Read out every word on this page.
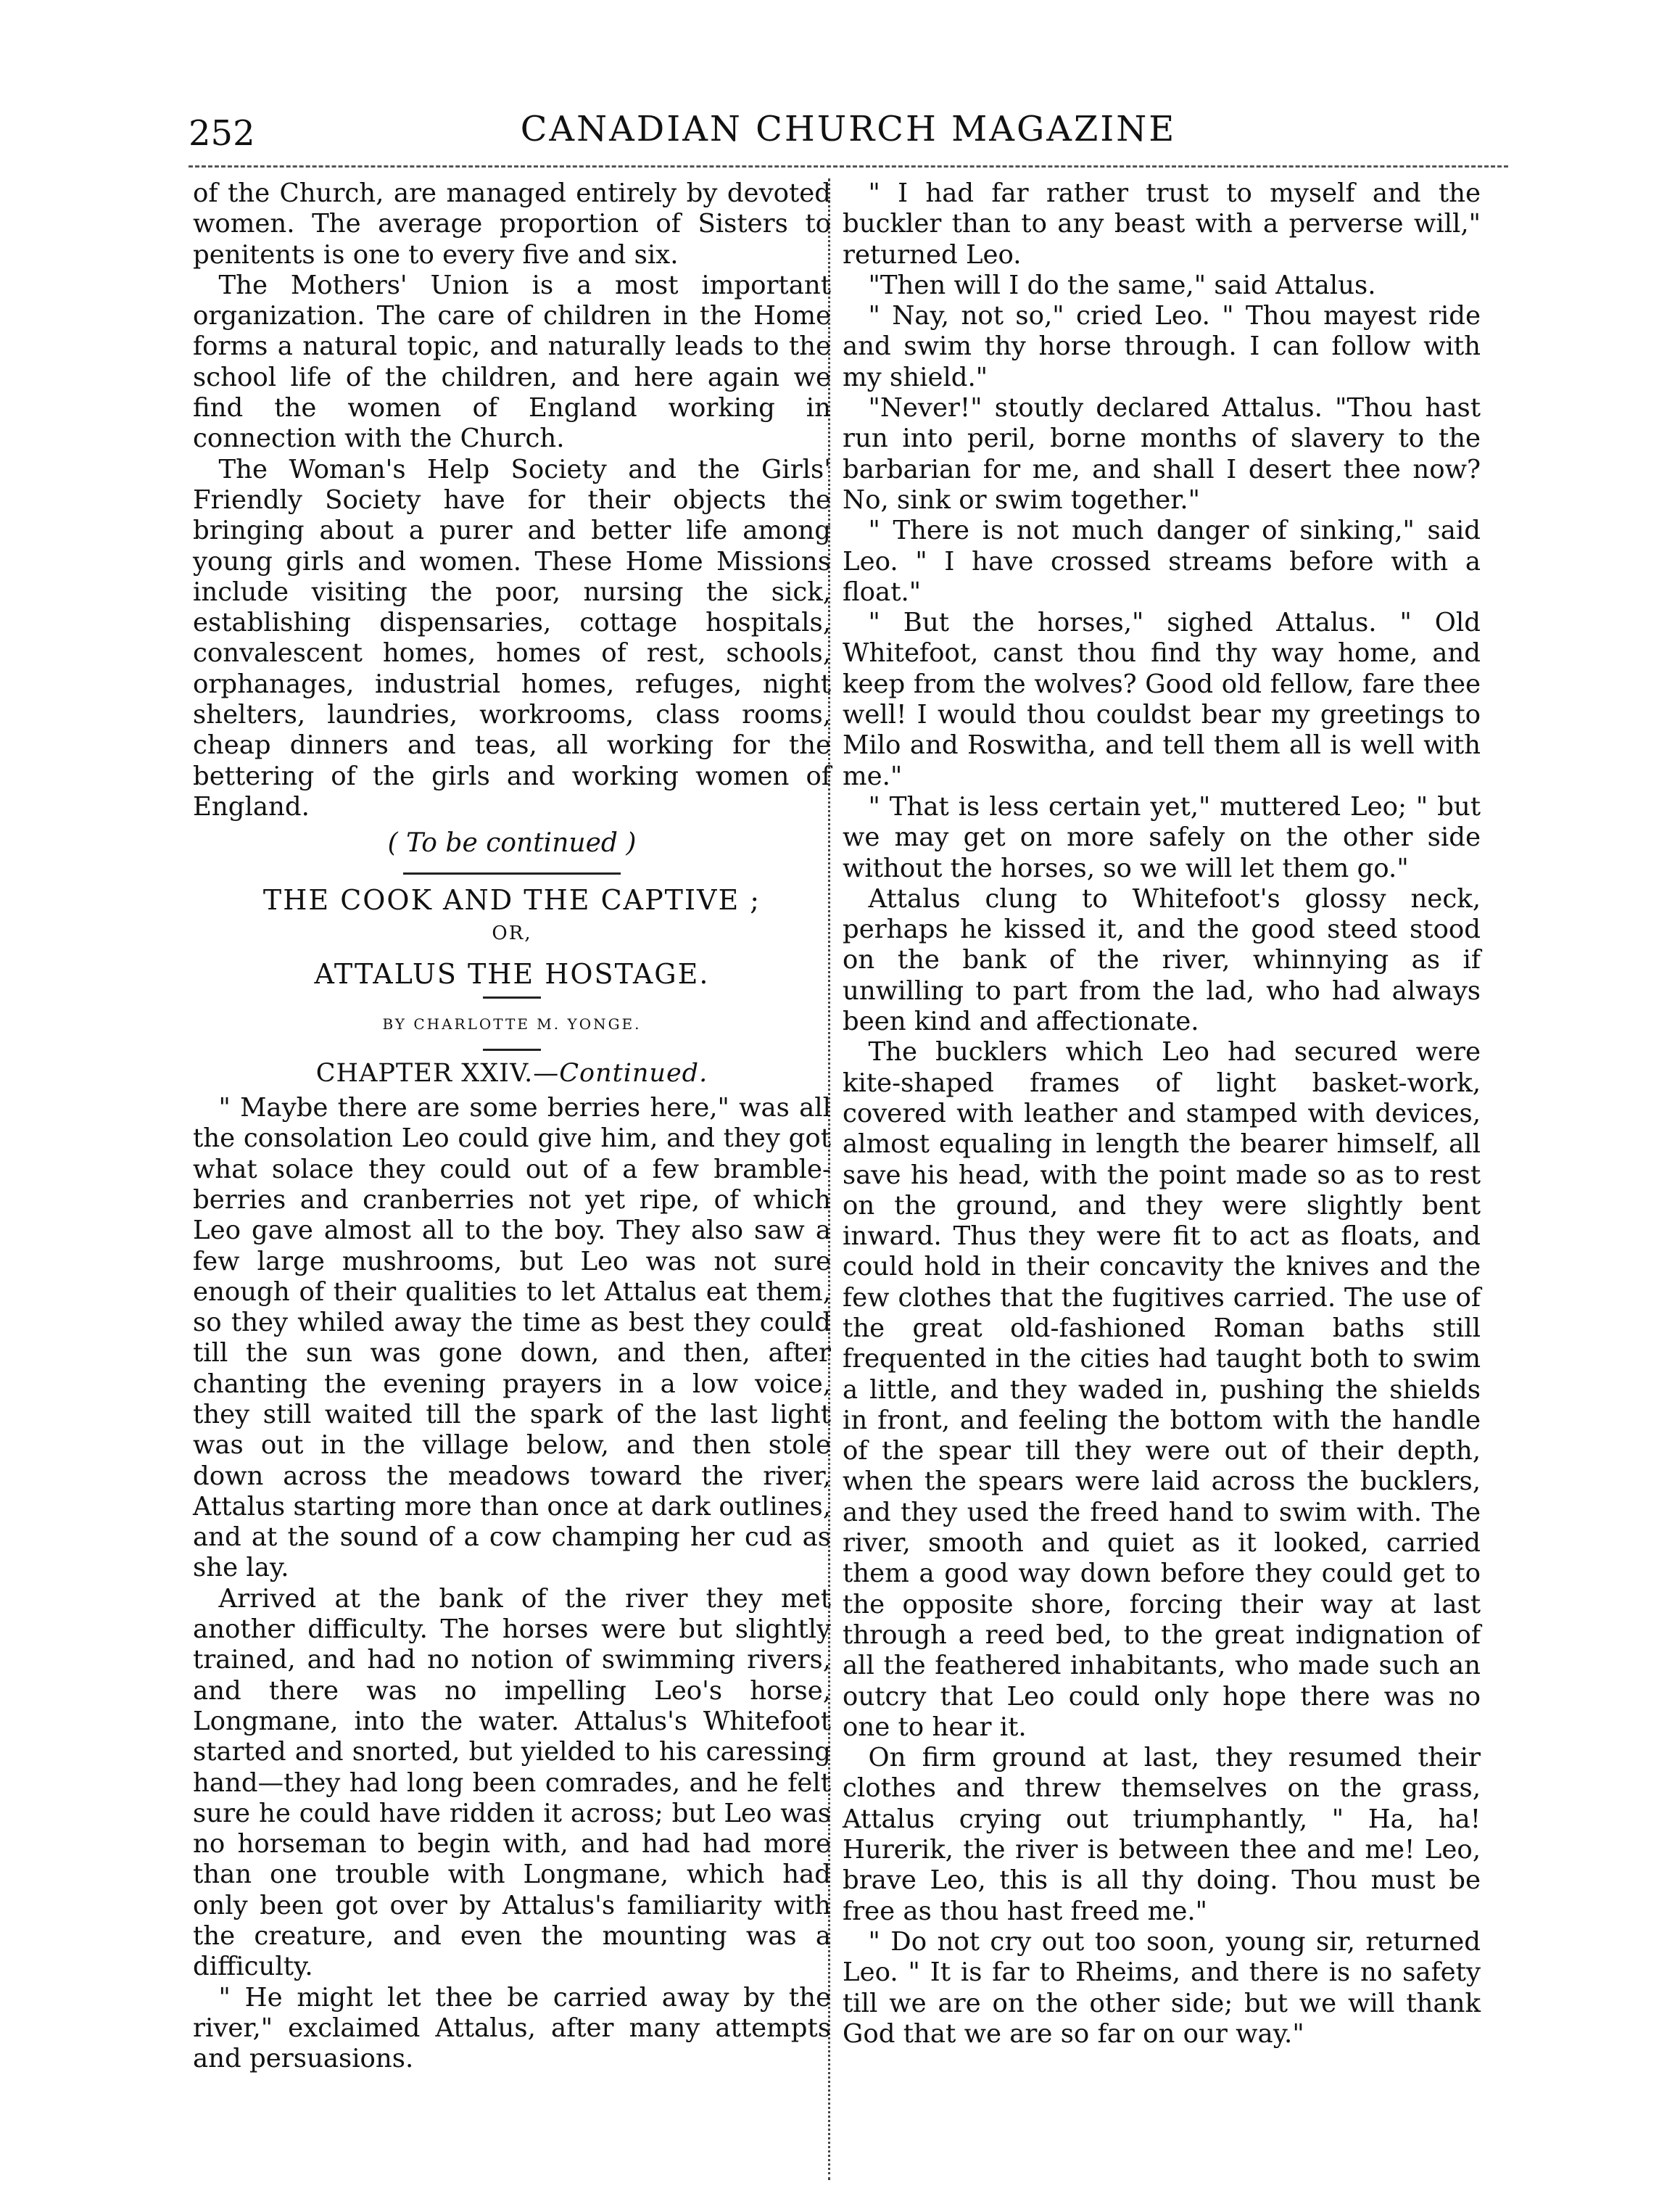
252	CANADIAN CHURCH MAGAZINE

of the Church, are managed entirely by devoted women. The average proportion of Sisters to penitents is one to every five and six.

The Mothers' Union is a most important organization. The care of children in the Home forms a natural topic, and naturally leads to the school life of the children, and here again we find the women of England working in connection with the Church.

The Woman's Help Society and the Girls' Friendly Society have for their objects the bringing about a purer and better life among young girls and women. These Home Missions include visiting the poor, nursing the sick, establishing dispensaries, cottage hospitals, convalescent homes, homes of rest, schools, orphanages, industrial homes, refuges, night shelters, laundries, workrooms, class rooms, cheap dinners and teas, all working for the bettering of the girls and working women of England.

( To be continued )
THE COOK AND THE CAPTIVE ;
OR,
ATTALUS THE HOSTAGE.
BY CHARLOTTE M. YONGE.
CHAPTER XXIV.—Continued.

" Maybe there are some berries here," was all the consolation Leo could give him, and they got what solace they could out of a few bramble-berries and cranberries not yet ripe, of which Leo gave almost all to the boy. They also saw a few large mushrooms, but Leo was not sure enough of their qualities to let Attalus eat them, so they whiled away the time as best they could till the sun was gone down, and then, after chanting the evening prayers in a low voice, they still waited till the spark of the last light was out in the village below, and then stole down across the meadows toward the river, Attalus starting more than once at dark outlines, and at the sound of a cow champing her cud as she lay.

Arrived at the bank of the river they met another difficulty. The horses were but slightly trained, and had no notion of swimming rivers, and there was no impelling Leo's horse, Longmane, into the water. Attalus's Whitefoot started and snorted, but yielded to his caressing hand—they had long been comrades, and he felt sure he could have ridden it across; but Leo was no horseman to begin with, and had had more than one trouble with Longmane, which had only been got over by Attalus's familiarity with the creature, and even the mounting was a difficulty.

" He might let thee be carried away by the river," exclaimed Attalus, after many attempts and persuasions.

" I had far rather trust to myself and the buckler than to any beast with a perverse will," returned Leo.

"Then will I do the same," said Attalus.

" Nay, not so," cried Leo. " Thou mayest ride and swim thy horse through. I can follow with my shield."

"Never!" stoutly declared Attalus. "Thou hast run into peril, borne months of slavery to the barbarian for me, and shall I desert thee now? No, sink or swim together."

" There is not much danger of sinking," said Leo. " I have crossed streams before with a float."

" But the horses," sighed Attalus. " Old Whitefoot, canst thou find thy way home, and keep from the wolves? Good old fellow, fare thee well! I would thou couldst bear my greetings to Milo and Roswitha, and tell them all is well with me."

" That is less certain yet," muttered Leo; " but we may get on more safely on the other side without the horses, so we will let them go."

Attalus clung to Whitefoot's glossy neck, perhaps he kissed it, and the good steed stood on the bank of the river, whinnying as if unwilling to part from the lad, who had always been kind and affectionate.

The bucklers which Leo had secured were kite-shaped frames of light basket-work, covered with leather and stamped with devices, almost equaling in length the bearer himself, all save his head, with the point made so as to rest on the ground, and they were slightly bent inward. Thus they were fit to act as floats, and could hold in their concavity the knives and the few clothes that the fugitives carried. The use of the great old-fashioned Roman baths still frequented in the cities had taught both to swim a little, and they waded in, pushing the shields in front, and feeling the bottom with the handle of the spear till they were out of their depth, when the spears were laid across the bucklers, and they used the freed hand to swim with. The river, smooth and quiet as it looked, carried them a good way down before they could get to the opposite shore, forcing their way at last through a reed bed, to the great indignation of all the feathered inhabitants, who made such an outcry that Leo could only hope there was no one to hear it.

On firm ground at last, they resumed their clothes and threw themselves on the grass, Attalus crying out triumphantly, " Ha, ha! Hurerik, the river is between thee and me! Leo, brave Leo, this is all thy doing. Thou must be free as thou hast freed me."

" Do not cry out too soon, young sir, returned Leo. " It is far to Rheims, and there is no safety till we are on the other side; but we will thank God that we are so far on our way."
